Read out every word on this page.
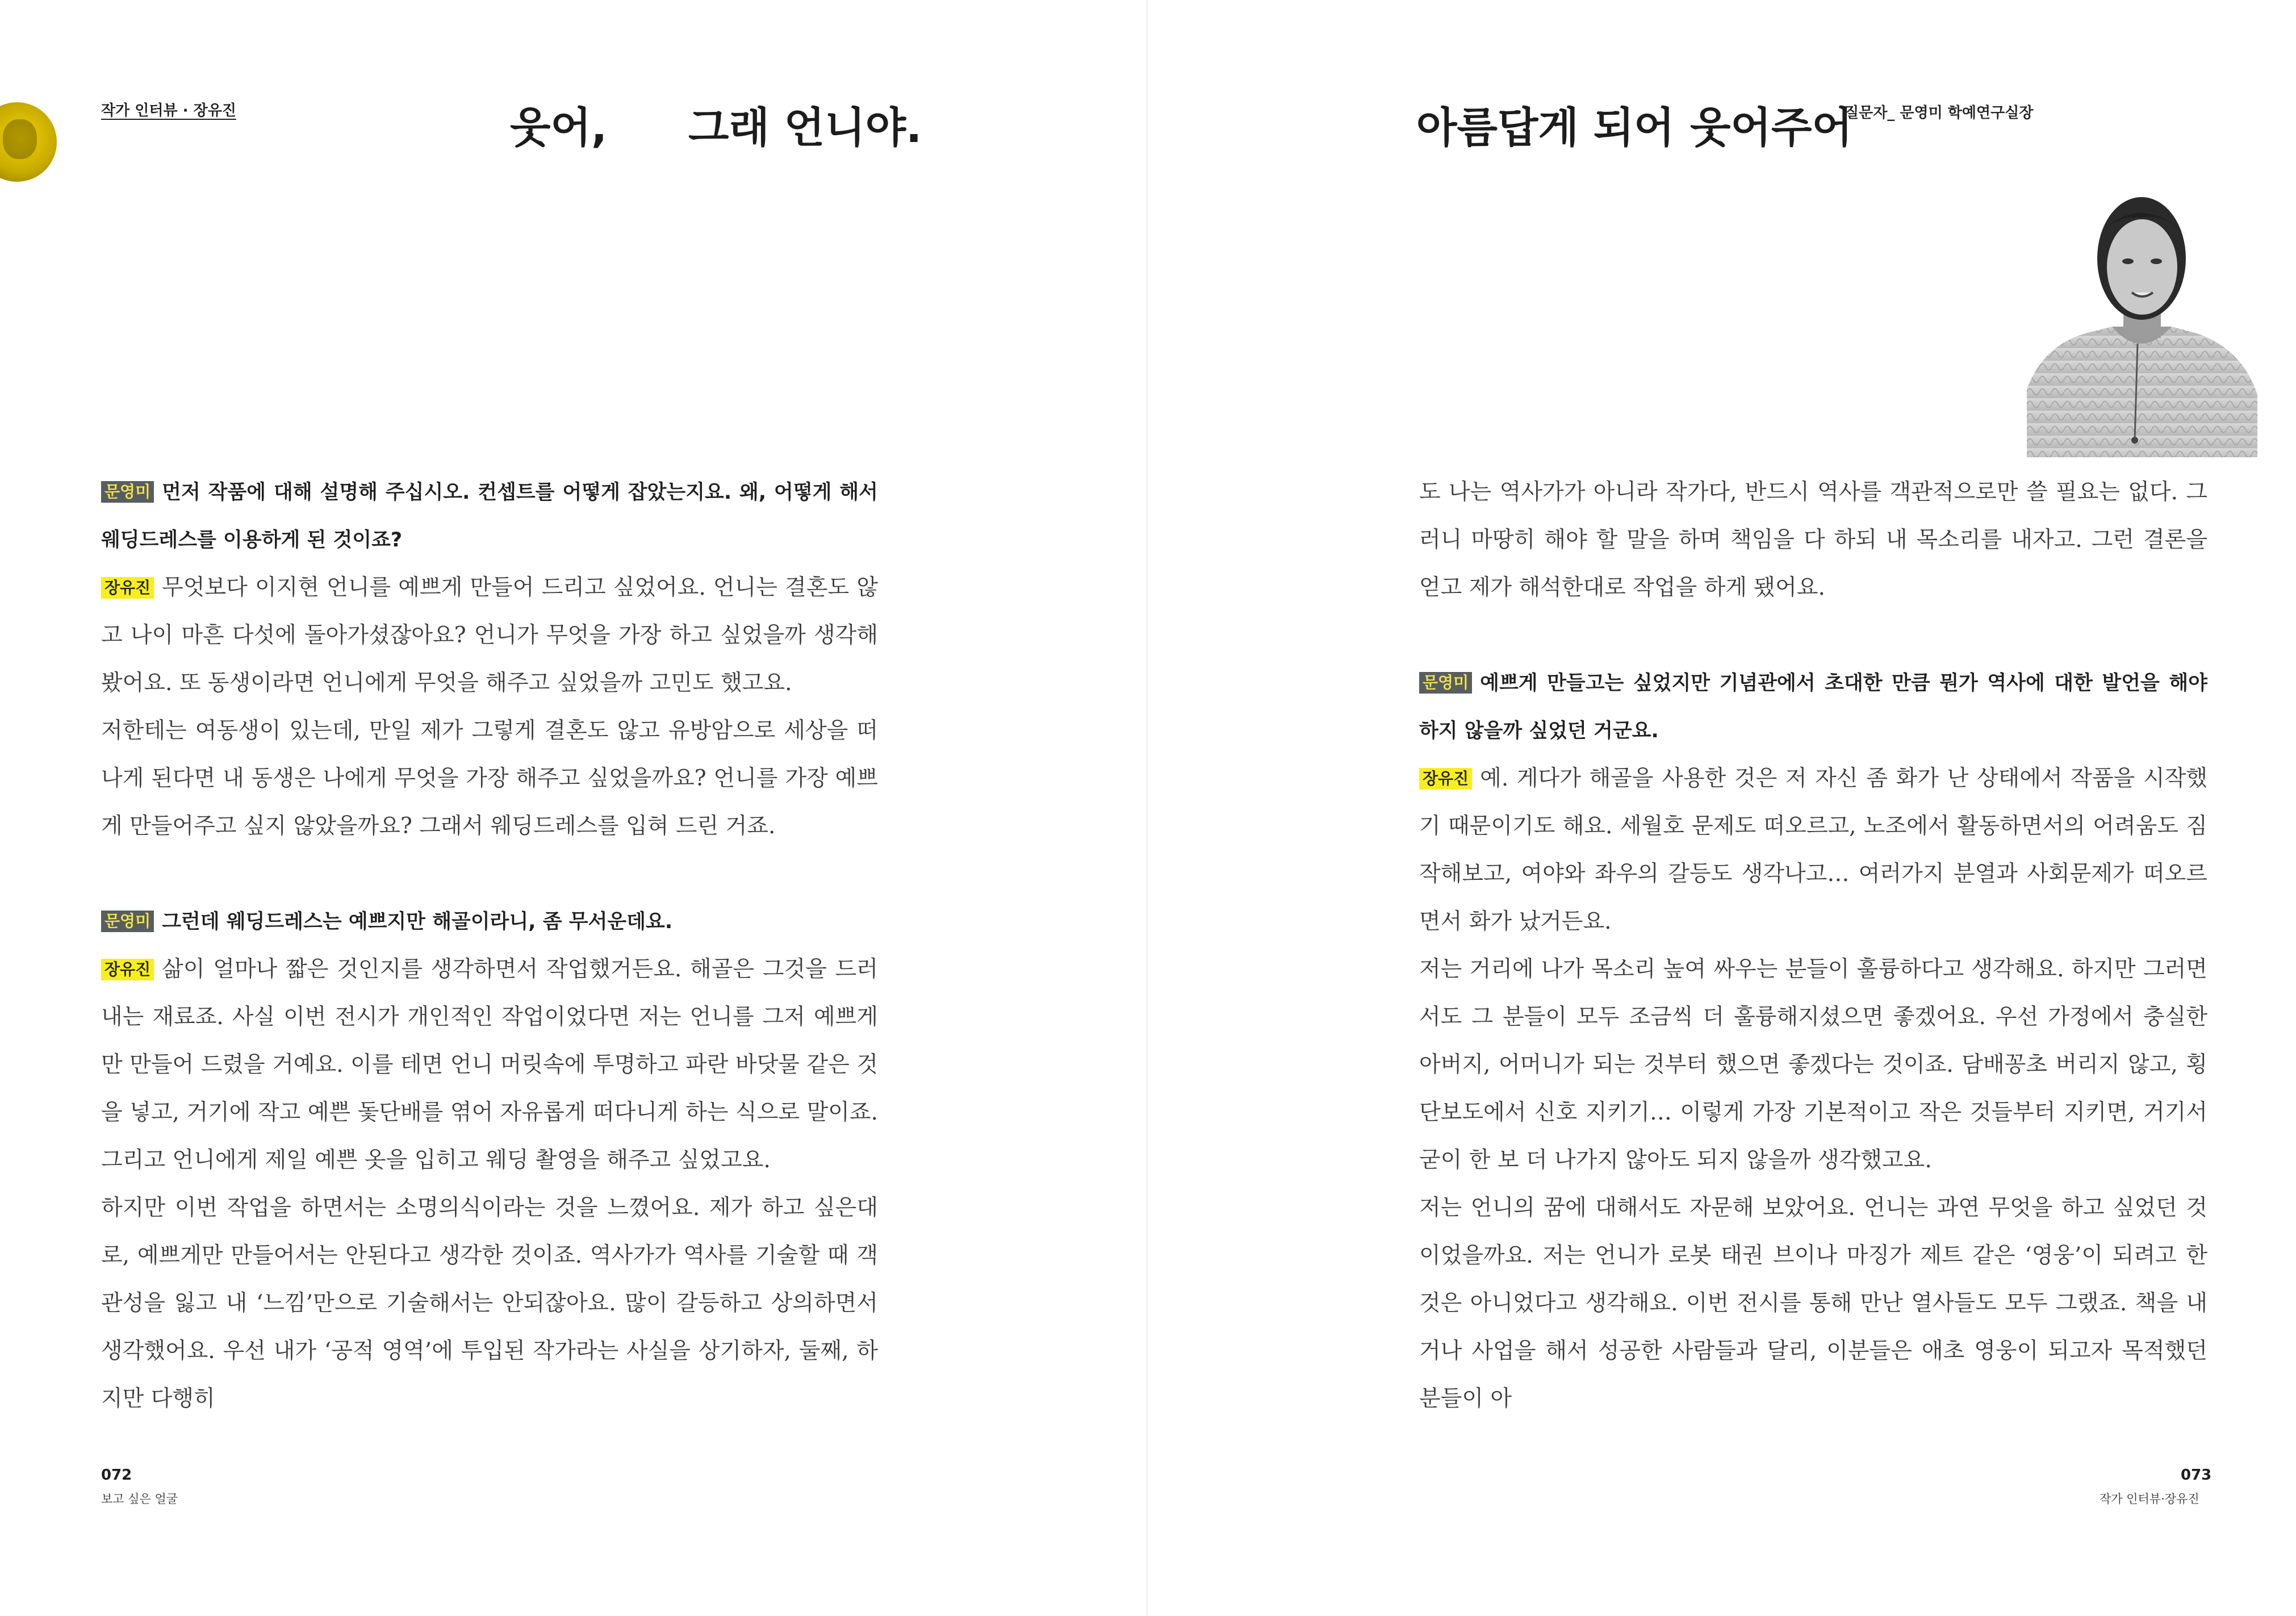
작가 인터뷰 · 장유진	웃어, 그래 언니야.

문영미 먼저 작품에 대해 설명해 주십시오. 컨셉트를 어떻게 잡았는지요. 왜, 어떻게 해서 웨딩드레스를 이용하게 된 것이죠?

장유진 무엇보다 이지현 언니를 예쁘게 만들어 드리고 싶었어요. 언니는 결혼도 않고 나이 마흔 다섯에 돌아가셨잖아요? 언니가 무엇을 가장 하고 싶었을까 생각해봤어요. 또 동생이라면 언니에게 무엇을 해주고 싶었을까 고민도 했고요.

저한테는 여동생이 있는데, 만일 제가 그렇게 결혼도 않고 유방암으로 세상을 떠나게 된다면 내 동생은 나에게 무엇을 가장 해주고 싶었을까요? 언니를 가장 예쁘게 만들어주고 싶지 않았을까요? 그래서 웨딩드레스를 입혀 드린 거죠.

문영미 그런데 웨딩드레스는 예쁘지만 해골이라니, 좀 무서운데요.

장유진 삶이 얼마나 짧은 것인지를 생각하면서 작업했거든요. 해골은 그것을 드러내는 재료죠. 사실 이번 전시가 개인적인 작업이었다면 저는 언니를 그저 예쁘게만 만들어 드렸을 거예요. 이를 테면 언니 머릿속에 투명하고 파란 바닷물 같은 것을 넣고, 거기에 작고 예쁜 돛단배를 엮어 자유롭게 떠다니게 하는 식으로 말이죠. 그리고 언니에게 제일 예쁜 옷을 입히고 웨딩 촬영을 해주고 싶었고요.

하지만 이번 작업을 하면서는 소명의식이라는 것을 느꼈어요. 제가 하고 싶은대로, 예쁘게만 만들어서는 안된다고 생각한 것이죠. 역사가가 역사를 기술할 때 객관성을 잃고 내 ‘느낌’만으로 기술해서는 안되잖아요. 많이 갈등하고 상의하면서 생각했어요. 우선 내가 ‘공적 영역’에 투입된 작가라는 사실을 상기하자, 둘째, 하지만 다행히

072
보고 싶은 얼굴
아름답게 되어 웃어주어
질문자_ 문영미 학예연구실장

도 나는 역사가가 아니라 작가다, 반드시 역사를 객관적으로만 쓸 필요는 없다. 그러니 마땅히 해야 할 말을 하며 책임을 다 하되 내 목소리를 내자고. 그런 결론을 얻고 제가 해석한대로 작업을 하게 됐어요.

문영미 예쁘게 만들고는 싶었지만 기념관에서 초대한 만큼 뭔가 역사에 대한 발언을 해야 하지 않을까 싶었던 거군요.

장유진 예. 게다가 해골을 사용한 것은 저 자신 좀 화가 난 상태에서 작품을 시작했기 때문이기도 해요. 세월호 문제도 떠오르고, 노조에서 활동하면서의 어려움도 짐작해보고, 여야와 좌우의 갈등도 생각나고… 여러가지 분열과 사회문제가 떠오르면서 화가 났거든요.

저는 거리에 나가 목소리 높여 싸우는 분들이 훌륭하다고 생각해요. 하지만 그러면서도 그 분들이 모두 조금씩 더 훌륭해지셨으면 좋겠어요. 우선 가정에서 충실한 아버지, 어머니가 되는 것부터 했으면 좋겠다는 것이죠. 담배꽁초 버리지 않고, 횡단보도에서 신호 지키기… 이렇게 가장 기본적이고 작은 것들부터 지키면, 거기서 굳이 한 보 더 나가지 않아도 되지 않을까 생각했고요.

저는 언니의 꿈에 대해서도 자문해 보았어요. 언니는 과연 무엇을 하고 싶었던 것이었을까요. 저는 언니가 로봇 태권 브이나 마징가 제트 같은 ‘영웅’이 되려고 한 것은 아니었다고 생각해요. 이번 전시를 통해 만난 열사들도 모두 그랬죠. 책을 내거나 사업을 해서 성공한 사람들과 달리, 이분들은 애초 영웅이 되고자 목적했던 분들이 아

073
작가 인터뷰·장유진
